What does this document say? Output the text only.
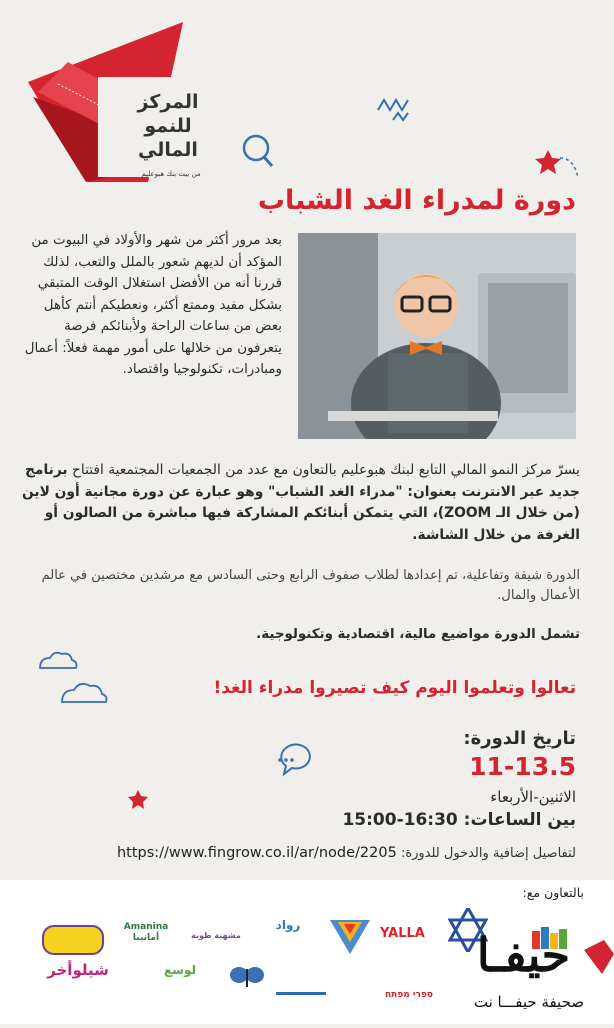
المركز
للنمو
المالي
من بيت بنك هبوعليم
دورة لمدراء الغد الشباب
بعد مرور أكثر من شهر والأولاد في البيوت من المؤكد أن لديهم شعور بالملل والتعب، لذلك قررنا أنه من الأفضل استغلال الوقت المتبقي بشكل مفيد وممتع أكثر، ونعطيكم أنتم كأهل بعض من ساعات الراحة ولأبنائكم فرصة يتعرفون من خلالها على أمور مهمة فعلاً: أعمال ومبادرات، تكنولوجيا واقتصاد.
يسرّ مركز النمو المالي التابع لبنك هبوعليم بالتعاون مع عدد من الجمعيات المجتمعية افتتاح برنامج جديد عبر الانترنت بعنوان: "مدراء الغد الشباب" وهو عبارة عن دورة مجانية أون لاين (من خلال الـ ZOOM)، التي يتمكن أبنائكم المشاركة فيها مباشرة من الصالون أو الغرفة من خلال الشاشة.
الدورة شيقة وتفاعلية، تم إعدادها لطلاب صفوف الرابع وحتى السادس مع مرشدين مختصين في عالم الأعمال والمال.
تشمل الدورة مواضيع مالية، اقتصادية وتكنولوجية.
تعالوا وتعلموا اليوم كيف تصيروا مدراء الغد!
تاريخ الدورة:
11-13.5
الاثنين-الأربعاء
بين الساعات: 16:30-15:00
لتفاصيل إضافية والدخول للدورة: https://www.fingrow.co.il/ar/node/2205
بالتعاون مع:
YALLA
رواد
مشهبة طوبة
Amanina أمانينا
شيلوأخر	لوسع
ספרי מפתח
حيفـا
صحيفة حيفـــا نت
